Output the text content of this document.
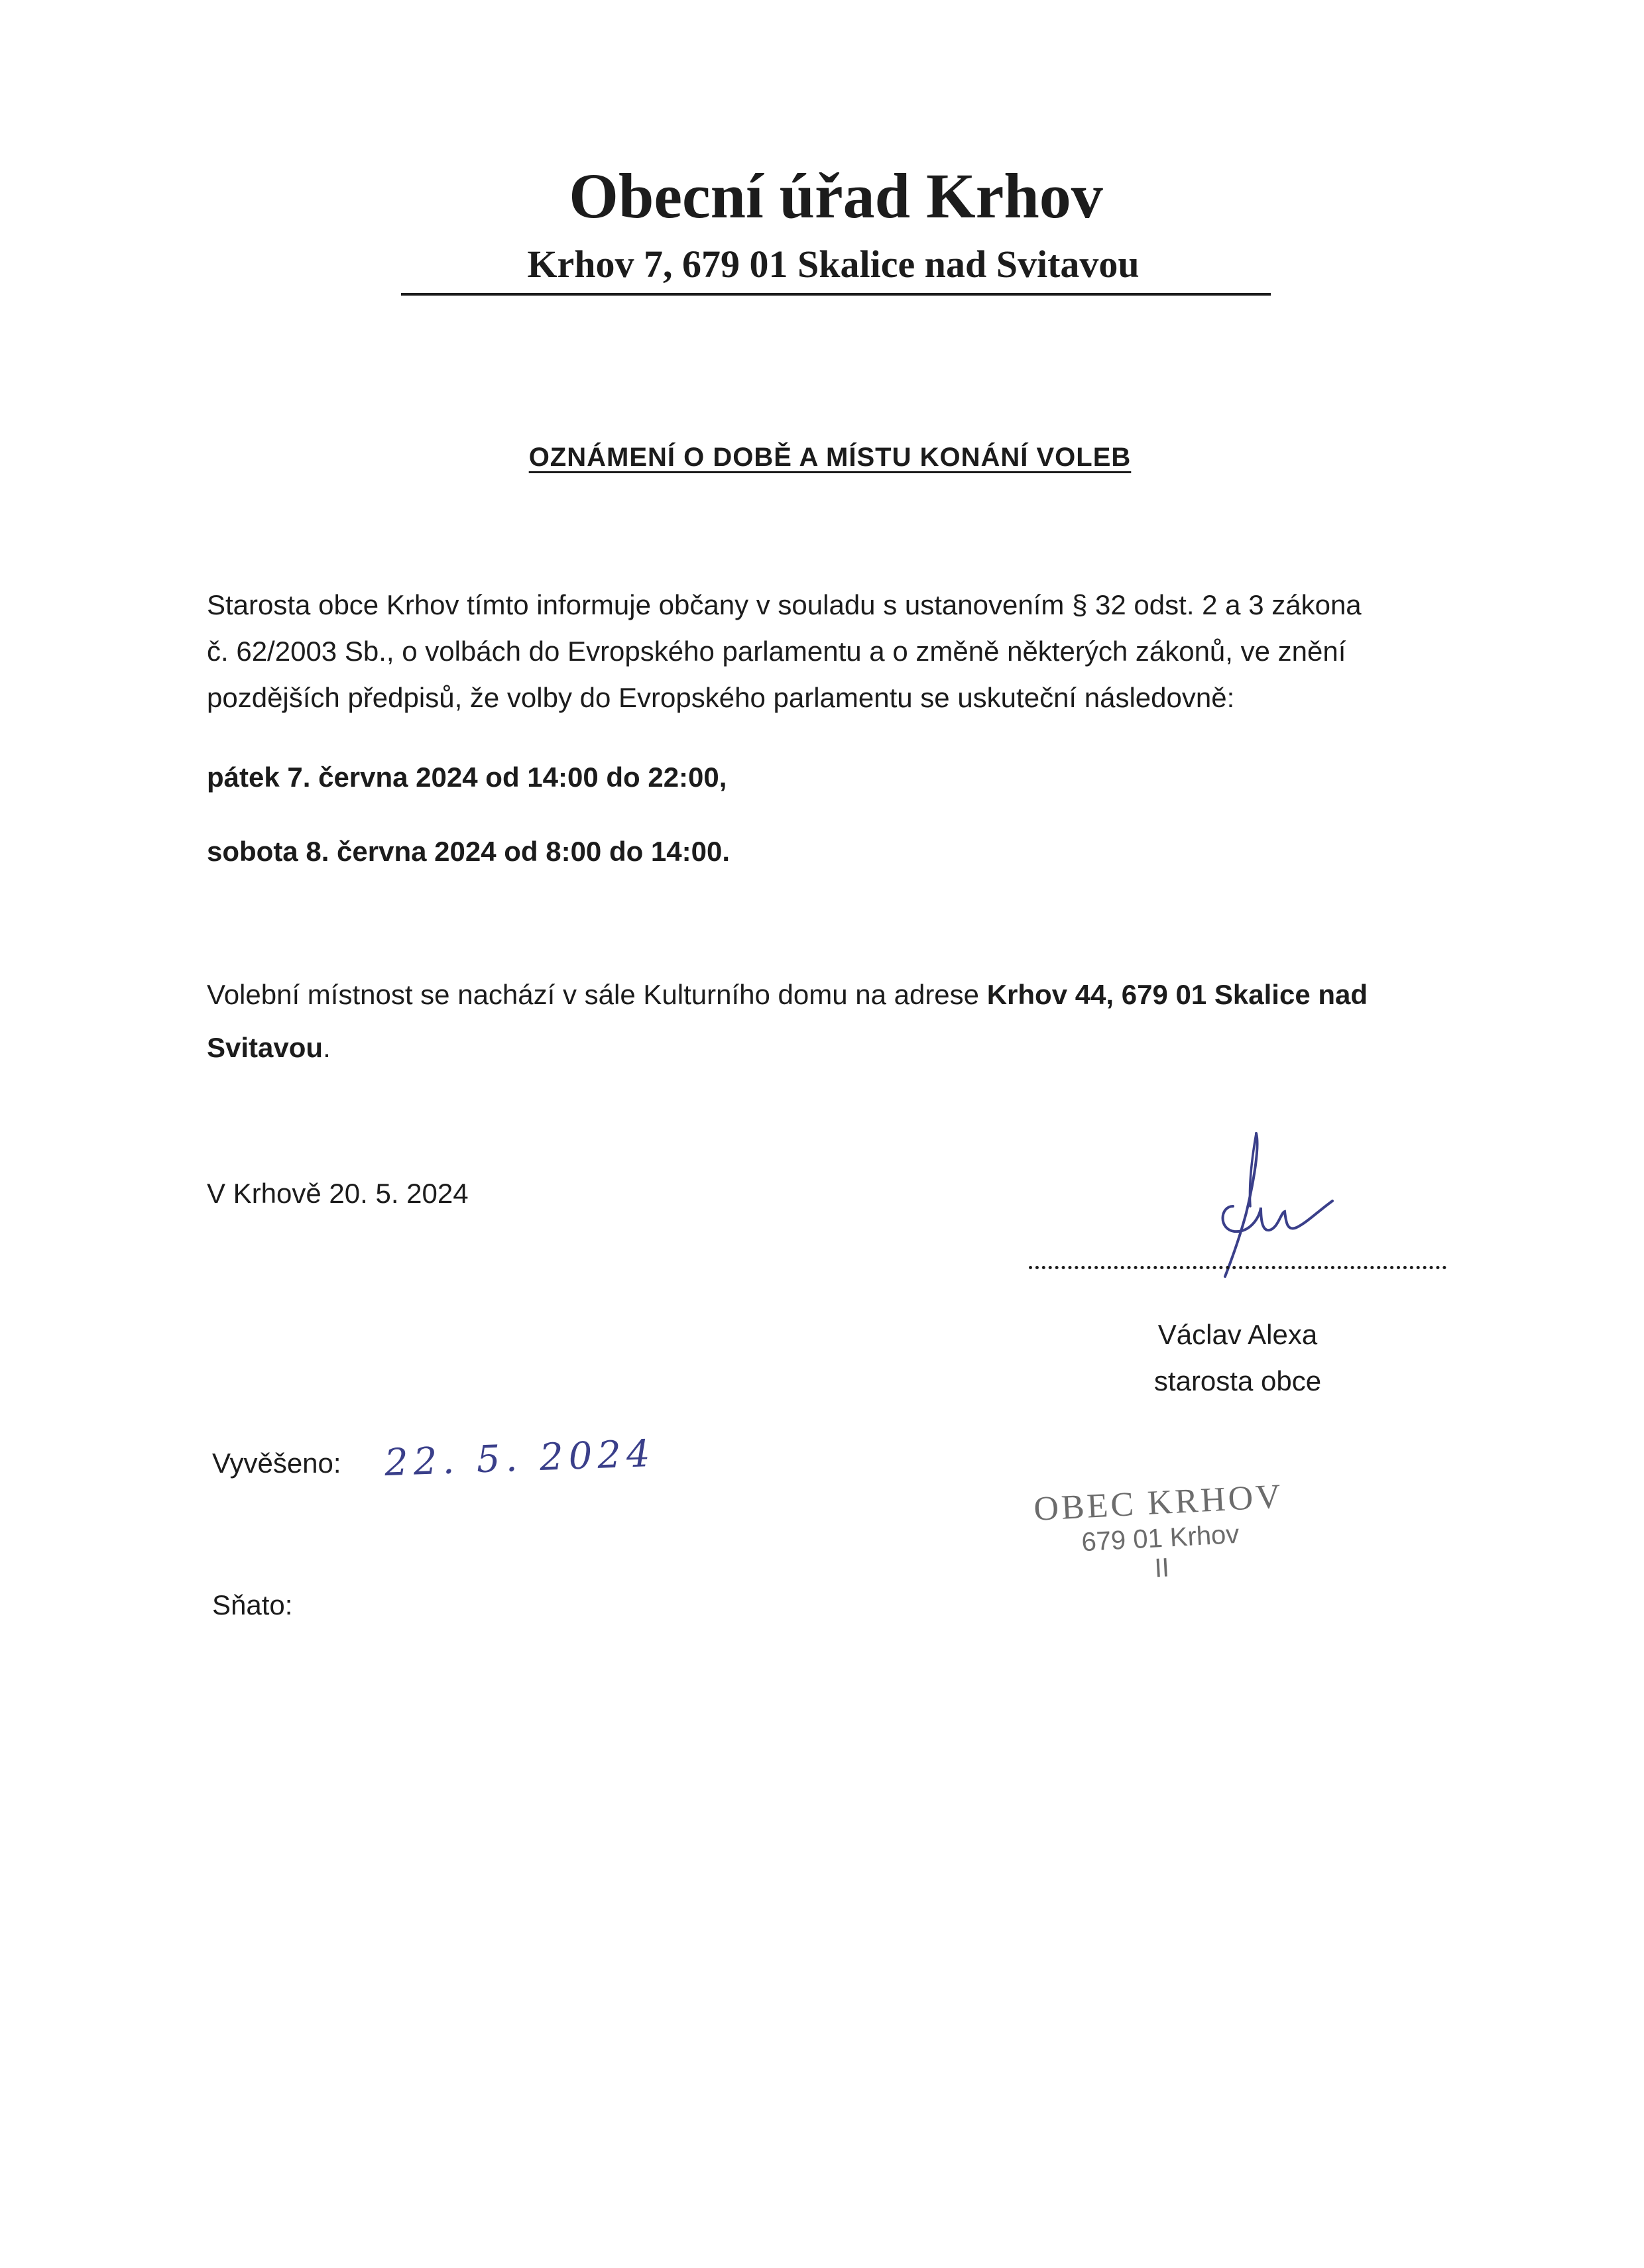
Obecní úřad Krhov
Krhov 7, 679 01 Skalice nad Svitavou
OZNÁMENÍ O DOBĚ A MÍSTU KONÁNÍ VOLEB
Starosta obce Krhov tímto informuje občany v souladu s ustanovením § 32 odst. 2 a 3 zákona
č. 62/2003 Sb., o volbách do Evropského parlamentu a o změně některých zákonů, ve znění
pozdějších předpisů, že volby do Evropského parlamentu se uskuteční následovně:
pátek 7. června 2024 od 14:00 do 22:00,
sobota 8. června 2024 od 8:00 do 14:00.
Volební místnost se nachází v sále Kulturního domu na adrese Krhov 44, 679 01 Skalice nad
Svitavou.
V Krhově 20. 5. 2024
Václav Alexa
starosta obce
Vyvěšeno: 22. 5. 2024
OBEC KRHOV
679 01 Krhov
II
Sňato:
